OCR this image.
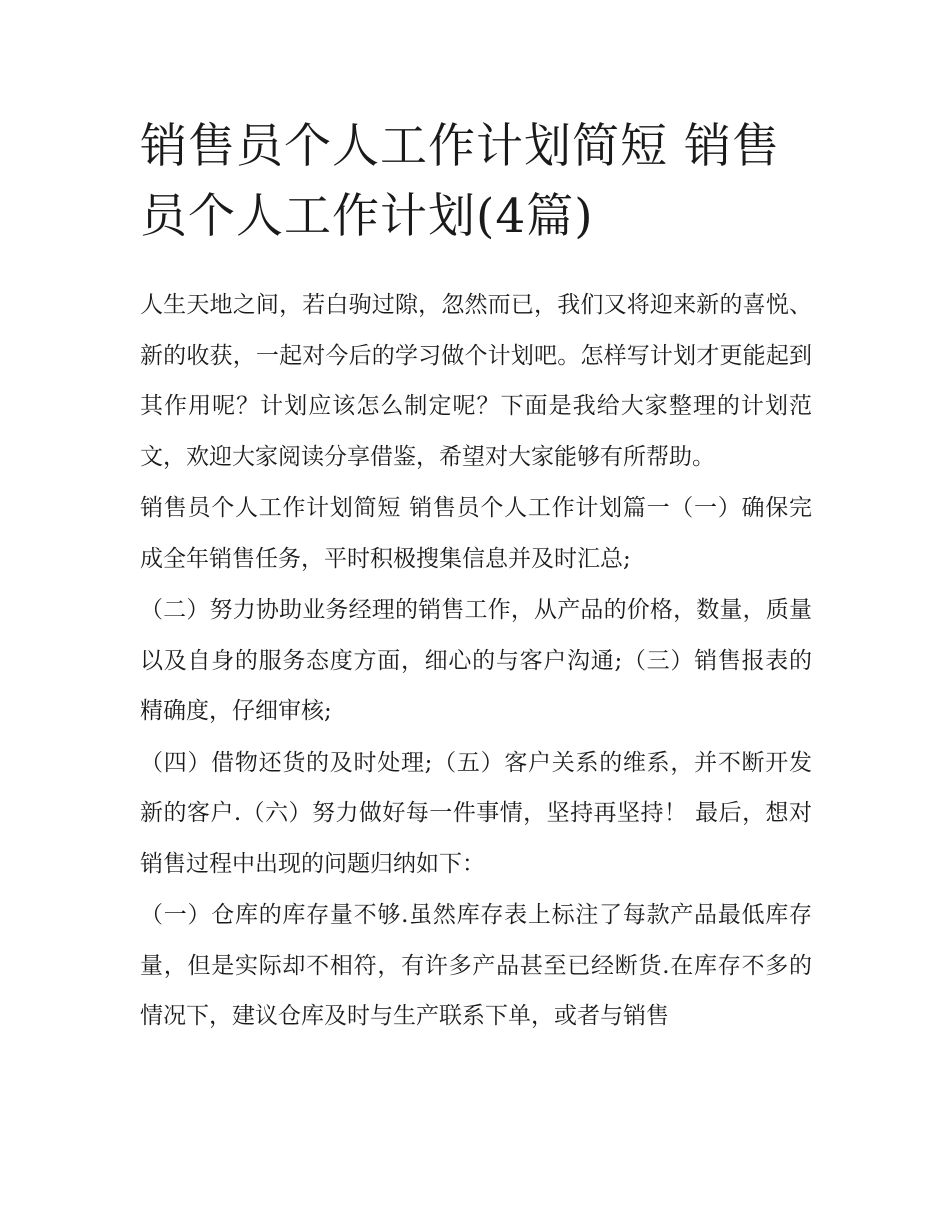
销售员个人工作计划简短 销售员个人工作计划(4篇)

人生天地之间，若白驹过隙，忽然而已，我们又将迎来新的喜悦、新的收获，一起对今后的学习做个计划吧。怎样写计划才更能起到其作用呢？计划应该怎么制定呢？下面是我给大家整理的计划范文，欢迎大家阅读分享借鉴，希望对大家能够有所帮助。

销售员个人工作计划简短 销售员个人工作计划篇一（一）确保完成全年销售任务，平时积极搜集信息并及时汇总;

（二）努力协助业务经理的销售工作，从产品的价格，数量，质量以及自身的服务态度方面，细心的与客户沟通;（三）销售报表的精确度，仔细审核;

（四）借物还货的及时处理;（五）客户关系的维系，并不断开发新的客户.（六）努力做好每一件事情，坚持再坚持！ 最后，想对销售过程中出现的问题归纳如下：

（一）仓库的库存量不够.虽然库存表上标注了每款产品最低库存量，但是实际却不相符，有许多产品甚至已经断货.在库存不多的情况下，建议仓库及时与生产联系下单，或者与销售
